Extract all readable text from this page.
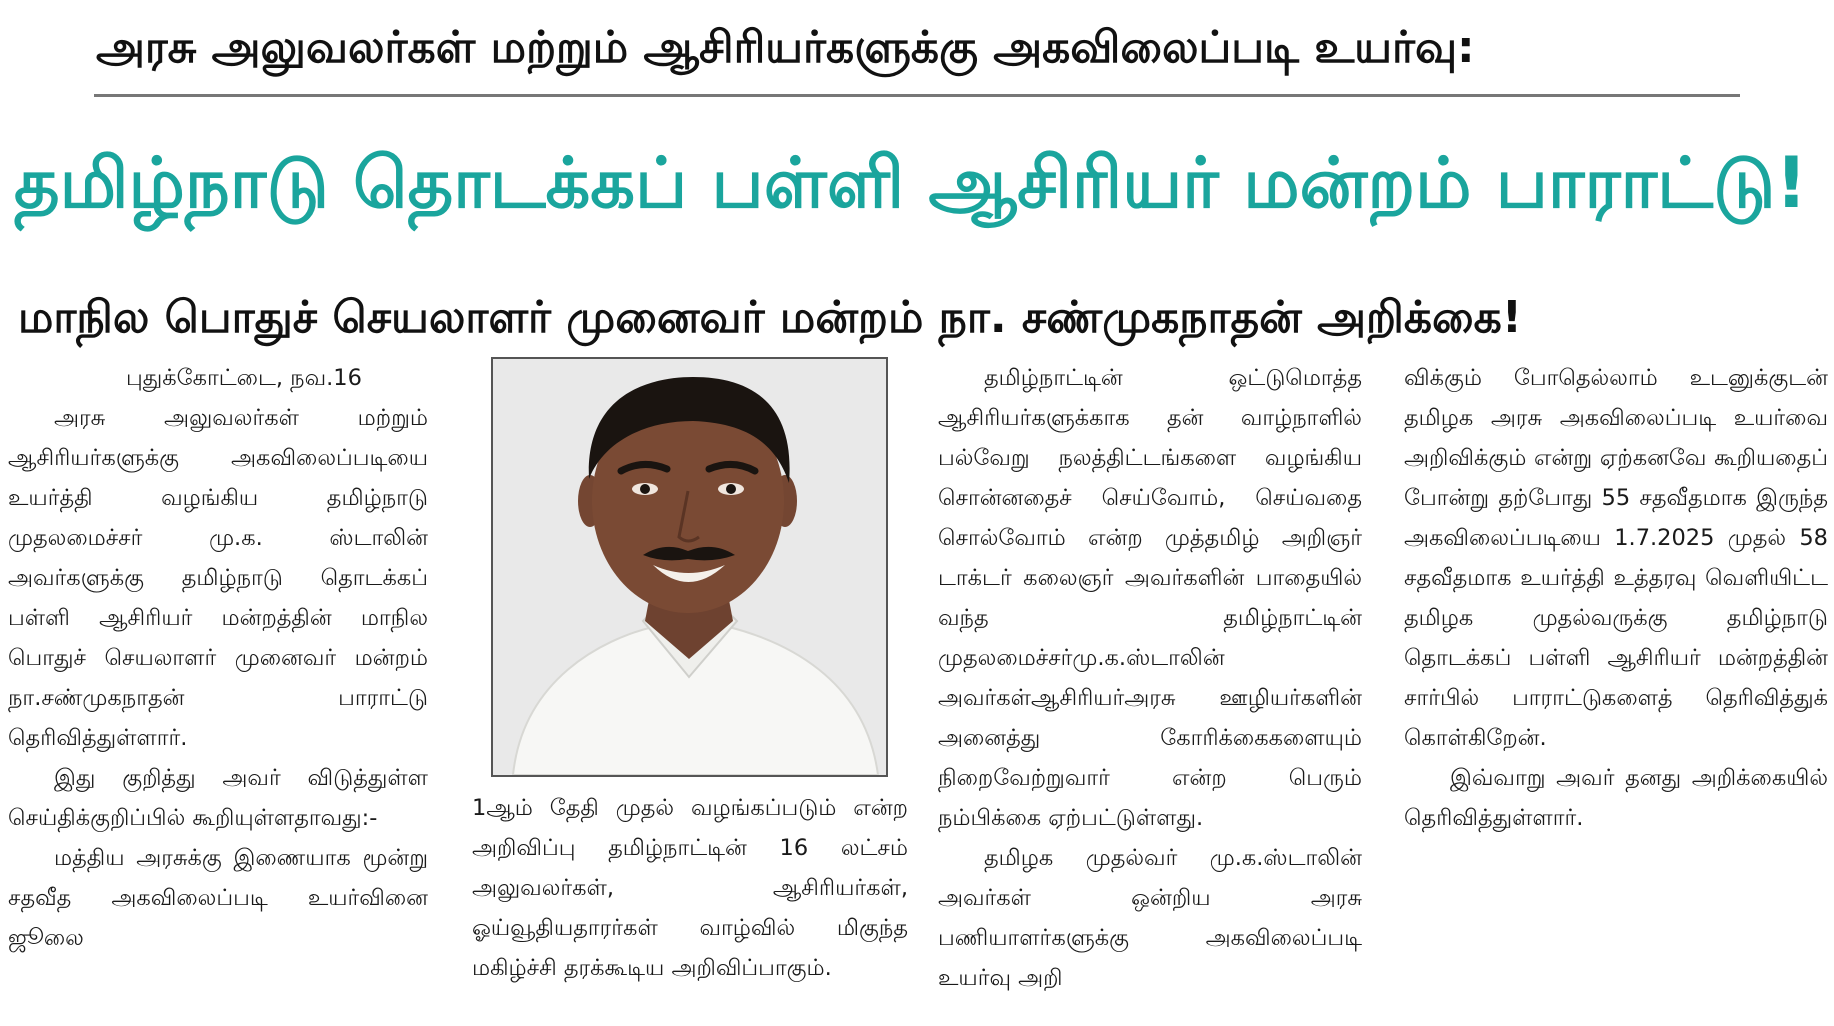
அரசு அலுவலர்கள் மற்றும் ஆசிரியர்களுக்கு அகவிலைப்படி உயர்வு:
தமிழ்நாடு தொடக்கப் பள்ளி ஆசிரியர் மன்றம் பாராட்டு!
மாநில பொதுச் செயலாளர் முனைவர் மன்றம் நா. சண்முகநாதன் அறிக்கை!

புதுக்கோட்டை, நவ.16

அரசு அலுவலர்கள் மற்றும் ஆசிரியர்களுக்கு அகவிலைப்படியை உயர்த்தி வழங்கிய தமிழ்நாடு முதலமைச்சர் மு.க. ஸ்டாலின் அவர்களுக்கு தமிழ்நாடு தொடக்கப் பள்ளி ஆசிரியர் மன்றத்தின் மாநில பொதுச் செயலாளர் முனைவர் மன்றம் நா.சண்முகநாதன் பாராட்டு தெரிவித்துள்ளார்.

இது குறித்து அவர் விடுத்துள்ள செய்திக்குறிப்பில் கூறியுள்ளதாவது:-

மத்திய அரசுக்கு இணையாக மூன்று சதவீத அகவிலைப்படி உயர்வினை ஜூலை

1ஆம் தேதி முதல் வழங்கப்படும் என்ற அறிவிப்பு தமிழ்நாட்டின் 16 லட்சம் அலுவலர்கள், ஆசிரியர்கள், ஓய்வூதியதாரர்கள் வாழ்வில் மிகுந்த மகிழ்ச்சி தரக்கூடிய அறிவிப்பாகும்.

தமிழ்நாட்டின் ஒட்டுமொத்த ஆசிரியர்களுக்காக தன் வாழ்நாளில் பல்வேறு நலத்திட்டங்களை வழங்கிய சொன்னதைச் செய்வோம், செய்வதை சொல்வோம் என்ற முத்தமிழ் அறிஞர் டாக்டர் கலைஞர் அவர்களின் பாதையில் வந்த தமிழ்நாட்டின் முதலமைச்சர்மு.க.ஸ்டாலின் அவர்கள்ஆசிரியர்அரசு ஊழியர்களின் அனைத்து கோரிக்கைகளையும் நிறைவேற்றுவார் என்ற பெரும் நம்பிக்கை ஏற்பட்டுள்ளது.

தமிழக முதல்வர் மு.க.ஸ்டாலின் அவர்கள் ஒன்றிய அரசு பணியாளர்களுக்கு அகவிலைப்படி உயர்வு அறி

விக்கும் போதெல்லாம் உடனுக்குடன் தமிழக அரசு அகவிலைப்படி உயர்வை அறிவிக்கும் என்று ஏற்கனவே கூறியதைப் போன்று தற்போது 55 சதவீதமாக இருந்த அகவிலைப்படியை 1.7.2025 முதல் 58 சதவீதமாக உயர்த்தி உத்தரவு வெளியிட்ட தமிழக முதல்வருக்கு தமிழ்நாடு தொடக்கப் பள்ளி ஆசிரியர் மன்றத்தின் சார்பில் பாராட்டுகளைத் தெரிவித்துக் கொள்கிறேன்.

இவ்வாறு அவர் தனது அறிக்கையில் தெரிவித்துள்ளார்.
